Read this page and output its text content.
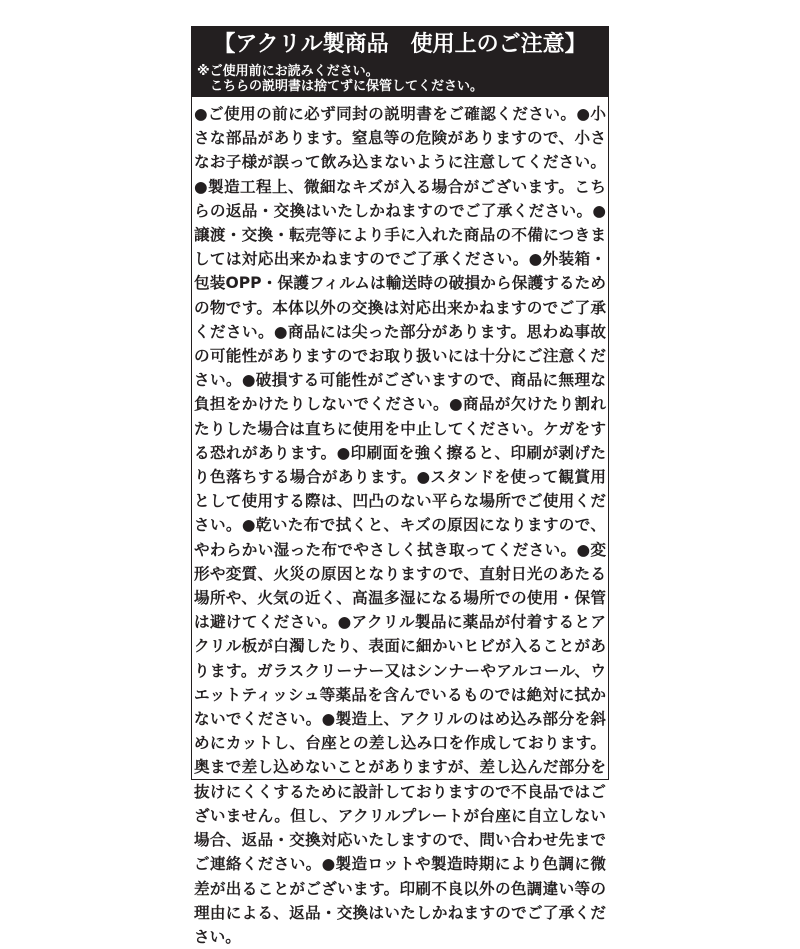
【アクリル製商品　使用上のご注意】
※ご使用前にお読みください。
　こちらの説明書は捨てずに保管してください。

●ご使用の前に必ず同封の説明書をご確認ください。●小さな部品があります。窒息等の危険がありますので、小さなお子様が誤って飲み込まないように注意してください。●製造工程上、微細なキズが入る場合がございます。こちらの返品・交換はいたしかねますのでご了承ください。●譲渡・交換・転売等により手に入れた商品の不備につきましては対応出来かねますのでご了承ください。●外装箱・包装OPP・保護フィルムは輸送時の破損から保護するための物です。本体以外の交換は対応出来かねますのでご了承ください。●商品には尖った部分があります。思わぬ事故の可能性がありますのでお取り扱いには十分にご注意ください。●破損する可能性がございますので、商品に無理な負担をかけたりしないでください。●商品が欠けたり割れたりした場合は直ちに使用を中止してください。ケガをする恐れがあります。●印刷面を強く擦ると、印刷が剥げたり色落ちする場合があります。●スタンドを使って観賞用として使用する際は、凹凸のない平らな場所でご使用ください。●乾いた布で拭くと、キズの原因になりますので、やわらかい湿った布でやさしく拭き取ってください。●変形や変質、火災の原因となりますので、直射日光のあたる場所や、火気の近く、高温多湿になる場所での使用・保管は避けてください。●アクリル製品に薬品が付着するとアクリル板が白濁したり、表面に細かいヒビが入ることがあります。ガラスクリーナー又はシンナーやアルコール、ウエットティッシュ等薬品を含んでいるものでは絶対に拭かないでください。●製造上、アクリルのはめ込み部分を斜めにカットし、台座との差し込み口を作成しております。奥まで差し込めないことがありますが、差し込んだ部分を抜けにくくするために設計しておりますので不良品ではございません。但し、アクリルプレートが台座に自立しない場合、返品・交換対応いたしますので、問い合わせ先までご連絡ください。●製造ロットや製造時期により色調に微差が出ることがございます。印刷不良以外の色調違い等の理由による、返品・交換はいたしかねますのでご了承ください。
